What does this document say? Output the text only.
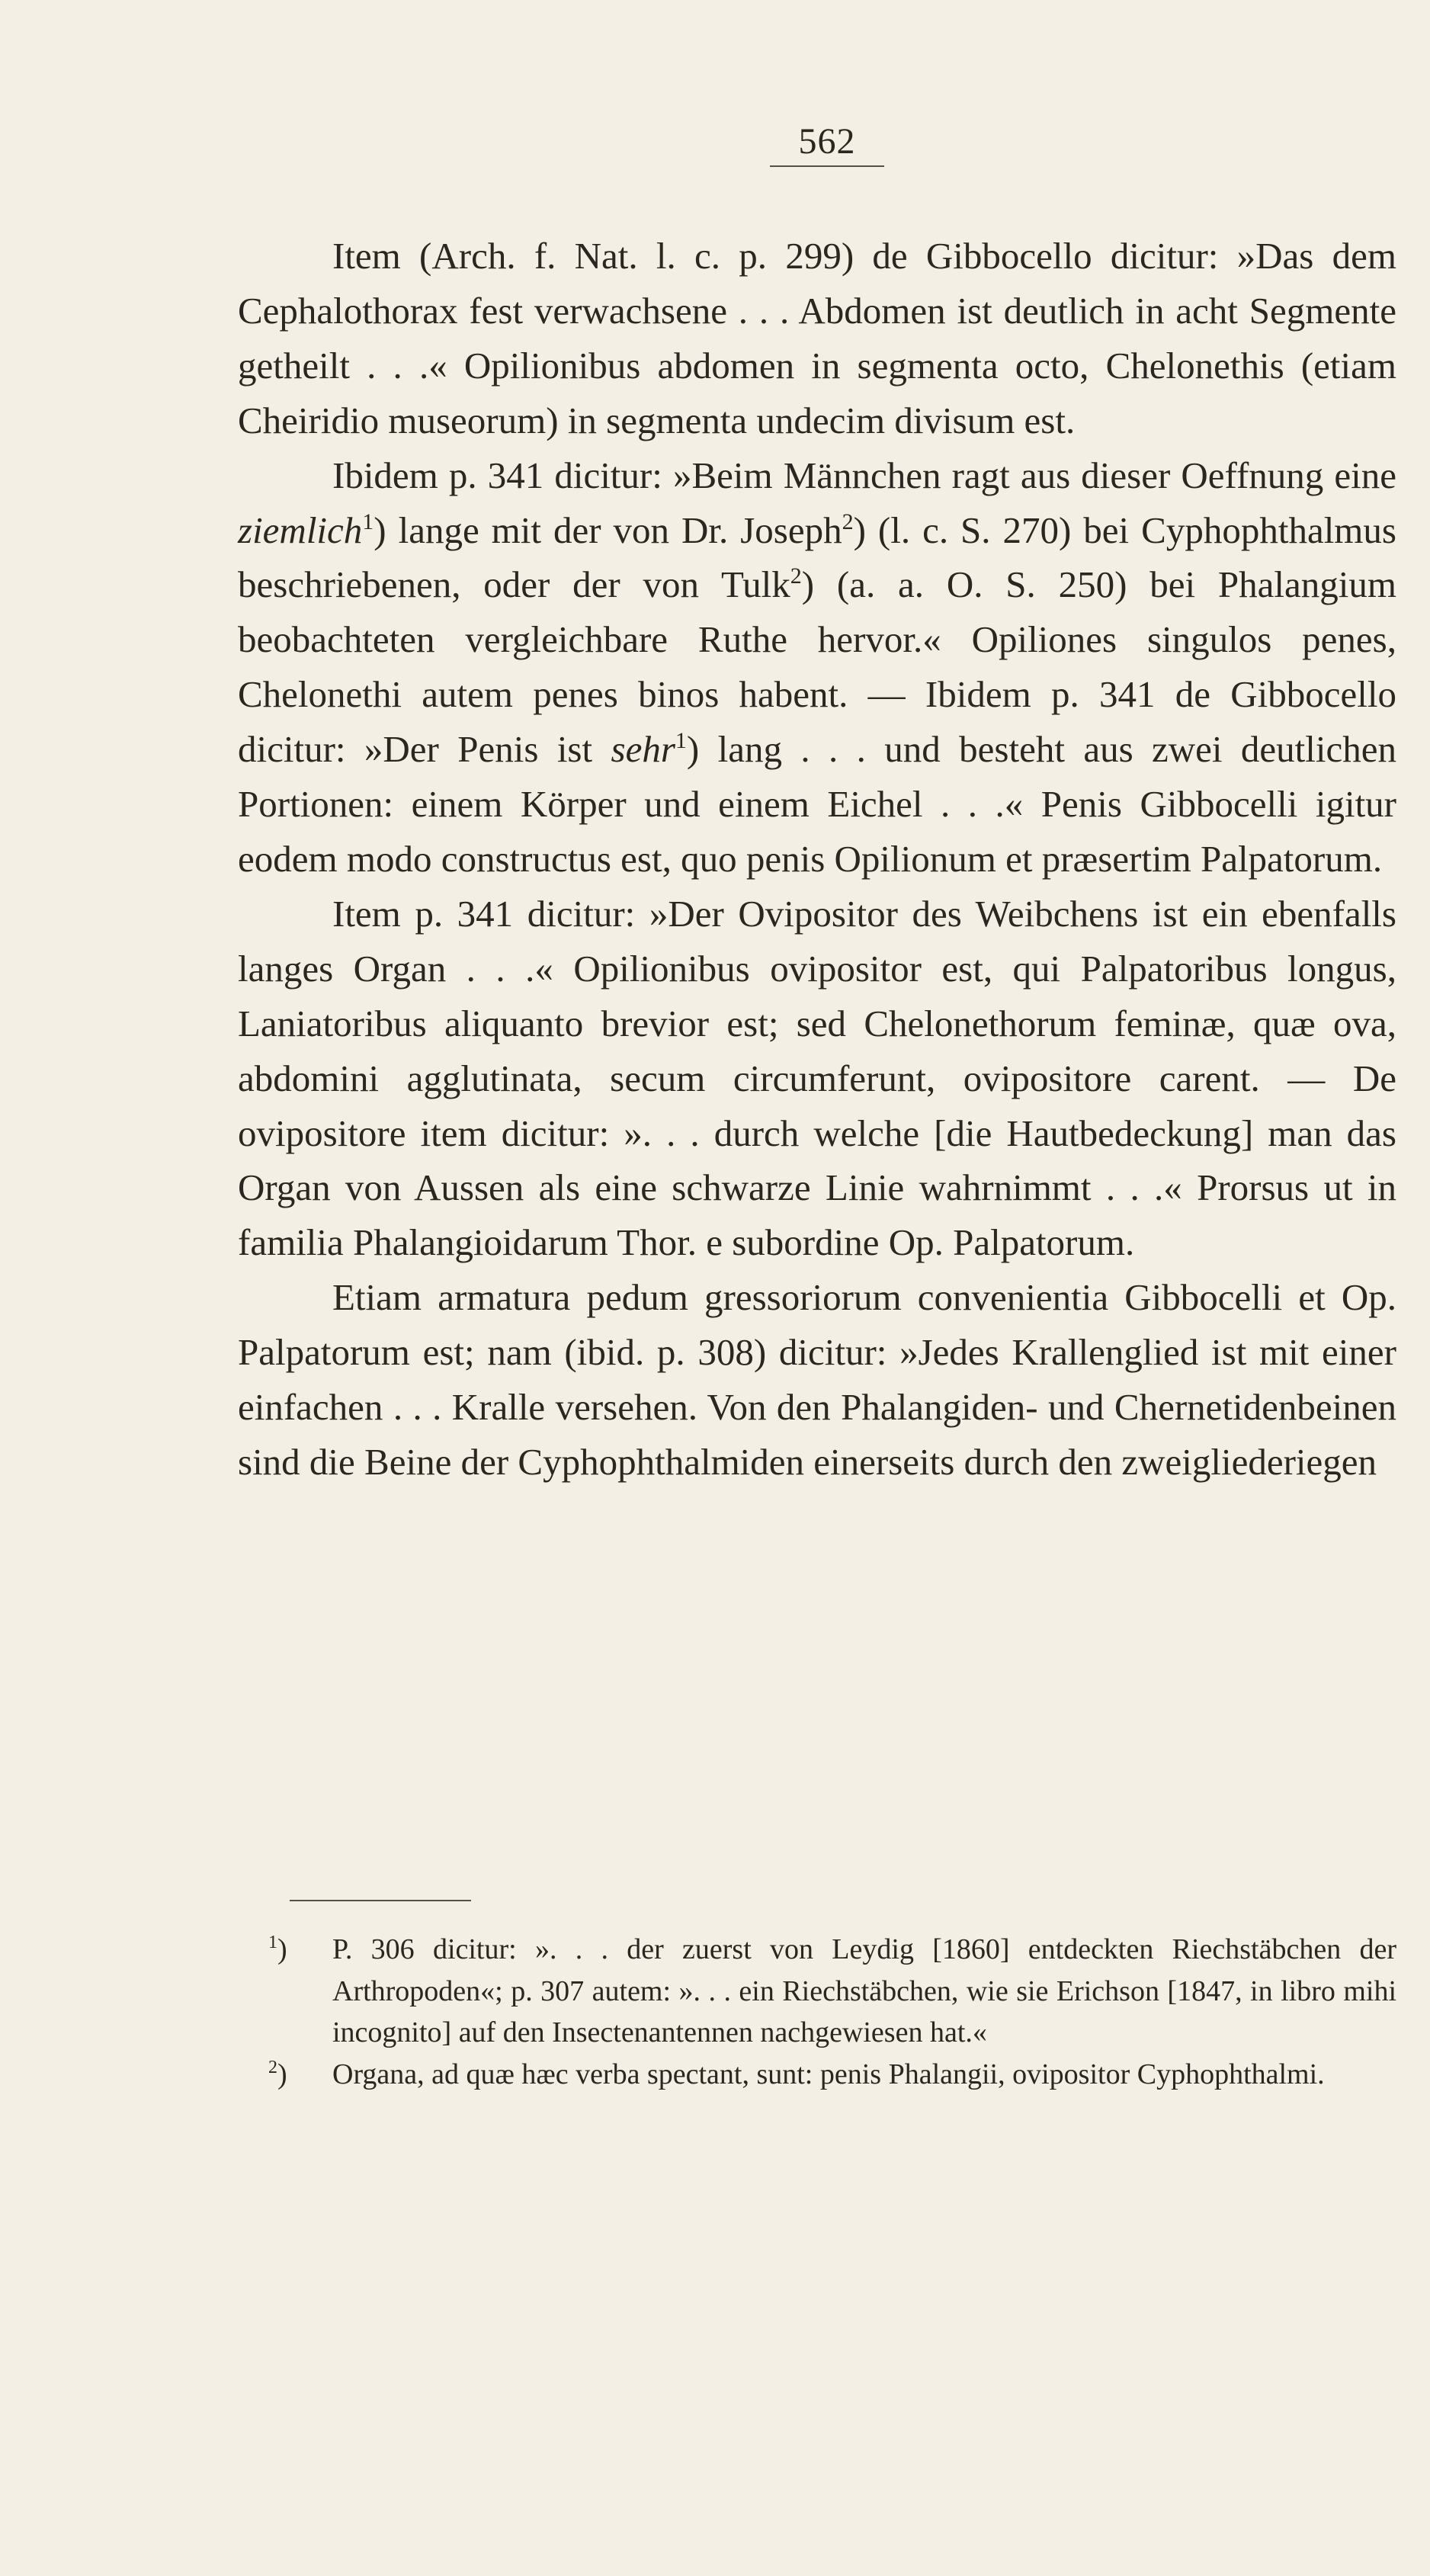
562

Item (Arch. f. Nat. l. c. p. 299) de Gibbocello dicitur: »Das dem Cephalothorax fest verwachsene . . . Abdomen ist deutlich in acht Segmente getheilt . . .« Opilionibus abdomen in segmenta octo, Chelonethis (etiam Cheiridio museorum) in segmenta undecim divisum est.

Ibidem p. 341 dicitur: »Beim Männchen ragt aus dieser Oeffnung eine ziemlich$^1$) lange mit der von Dr. Joseph$^2$) (l. c. S. 270) bei Cyphophthalmus beschriebenen, oder der von Tulk$^2$) (a. a. O. S. 250) bei Phalangium beobachteten vergleichbare Ruthe hervor.« Opiliones singulos penes, Chelonethi autem penes binos habent. — Ibidem p. 341 de Gibbocello dicitur: »Der Penis ist sehr$^1$) lang . . . und besteht aus zwei deutlichen Portionen: einem Körper und einem Eichel . . .« Penis Gibbocelli igitur eodem modo constructus est, quo penis Opilionum et præsertim Palpatorum.

Item p. 341 dicitur: »Der Ovipositor des Weibchens ist ein ebenfalls langes Organ . . .« Opilionibus ovipositor est, qui Palpatoribus longus, Laniatoribus aliquanto brevior est; sed Chelonethorum feminæ, quæ ova, abdomini agglutinata, secum circumferunt, ovipositore carent. — De ovipositore item dicitur: ». . . durch welche [die Hautbedeckung] man das Organ von Aussen als eine schwarze Linie wahrnimmt . . .« Prorsus ut in familia Phalangioidarum Thor. e subordine Op. Palpatorum.

Etiam armatura pedum gressoriorum convenientia Gibbocelli et Op. Palpatorum est; nam (ibid. p. 308) dicitur: »Jedes Krallenglied ist mit einer einfachen . . . Kralle versehen. Von den Phalangiden- und Chernetidenbeinen sind die Beine der Cyphophthalmiden einerseits durch den zweigliederiegen

$^1$) P. 306 dicitur: ». . . der zuerst von Leydig [1860] entdeckten Riechstäbchen der Arthropoden«; p. 307 autem: ». . . ein Riechstäbchen, wie sie Erichson [1847, in libro mihi incognito] auf den Insectenantennen nachgewiesen hat.«

$^2$) Organa, ad quæ hæc verba spectant, sunt: penis Phalangii, ovipositor Cyphophthalmi.
